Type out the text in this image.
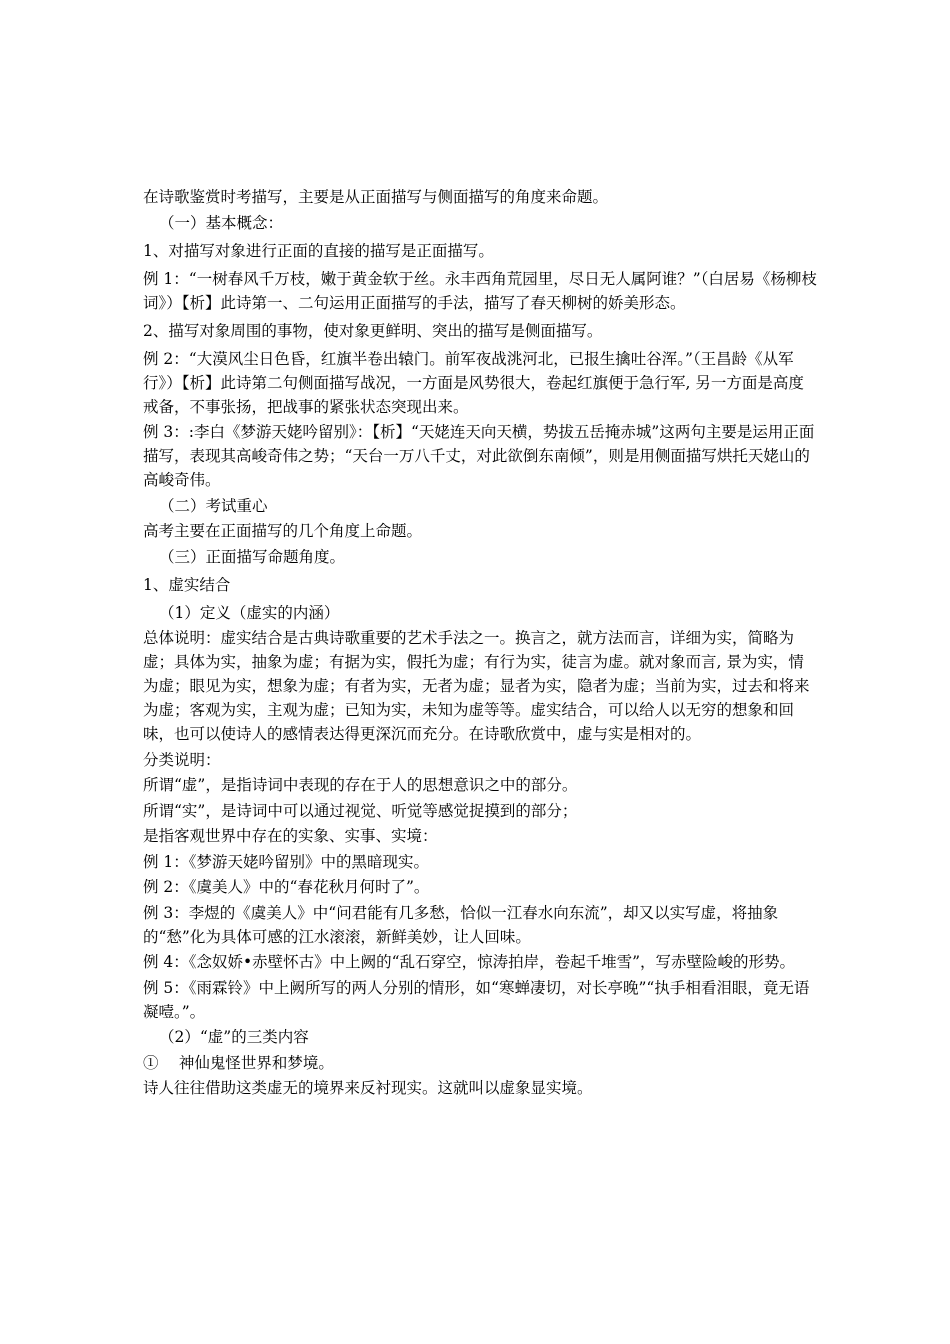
在诗歌鉴赏时考描写，主要是从正面描写与侧面描写的角度来命题。

（一）基本概念：

1、对描写对象进行正面的直接的描写是正面描写。

例 1：“一树春风千万枝，嫩于黄金软于丝。永丰西角荒园里，尽日无人属阿谁？”（白居易《杨柳枝词》）【析】此诗第一、二句运用正面描写的手法，描写了春天柳树的娇美形态。

2、描写对象周围的事物，使对象更鲜明、突出的描写是侧面描写。

例 2：“大漠风尘日色昏，红旗半卷出辕门。前军夜战洮河北，已报生擒吐谷浑。”（王昌龄《从军行》）【析】此诗第二句侧面描写战况，一方面是风势很大，卷起红旗便于急行军, 另一方面是高度戒备，不事张扬，把战事的紧张状态突现出来。

例 3：:李白《梦游天姥吟留别》：【析】“天姥连天向天横，势拔五岳掩赤城”这两句主要是运用正面描写，表现其高峻奇伟之势；“天台一万八千丈，对此欲倒东南倾”，则是用侧面描写烘托天姥山的高峻奇伟。

（二）考试重心

高考主要在正面描写的几个角度上命题。

（三）正面描写命题角度。

1、虚实结合

（1）定义（虚实的内涵）

总体说明：虚实结合是古典诗歌重要的艺术手法之一。换言之，就方法而言，详细为实，简略为虚；具体为实，抽象为虚；有据为实，假托为虚；有行为实，徒言为虚。就对象而言, 景为实，情为虚；眼见为实，想象为虚；有者为实，无者为虚；显者为实，隐者为虚；当前为实，过去和将来为虚；客观为实，主观为虚；已知为实，未知为虚等等。虚实结合，可以给人以无穷的想象和回味，也可以使诗人的感情表达得更深沉而充分。在诗歌欣赏中，虚与实是相对的。

分类说明：

所谓“虚”，是指诗词中表现的存在于人的思想意识之中的部分。

所谓“实”，是诗词中可以通过视觉、听觉等感觉捉摸到的部分；

是指客观世界中存在的实象、实事、实境：

例 1：《梦游天姥吟留别》中的黑暗现实。

例 2：《虞美人》中的“春花秋月何时了”。

例 3：李煜的《虞美人》中“问君能有几多愁，恰似一江春水向东流”，却又以实写虚，将抽象的“愁”化为具体可感的江水滚滚，新鲜美妙，让人回味。

例 4：《念奴娇•赤壁怀古》中上阙的“乱石穿空，惊涛拍岸，卷起千堆雪”，写赤壁险峻的形势。

例 5：《雨霖铃》中上阙所写的两人分别的情形，如“寒蝉凄切，对长亭晚”“执手相看泪眼，竟无语凝噎。”。

（2）“虚”的三类内容

①　 神仙鬼怪世界和梦境。

诗人往往借助这类虚无的境界来反衬现实。这就叫以虚象显实境。
